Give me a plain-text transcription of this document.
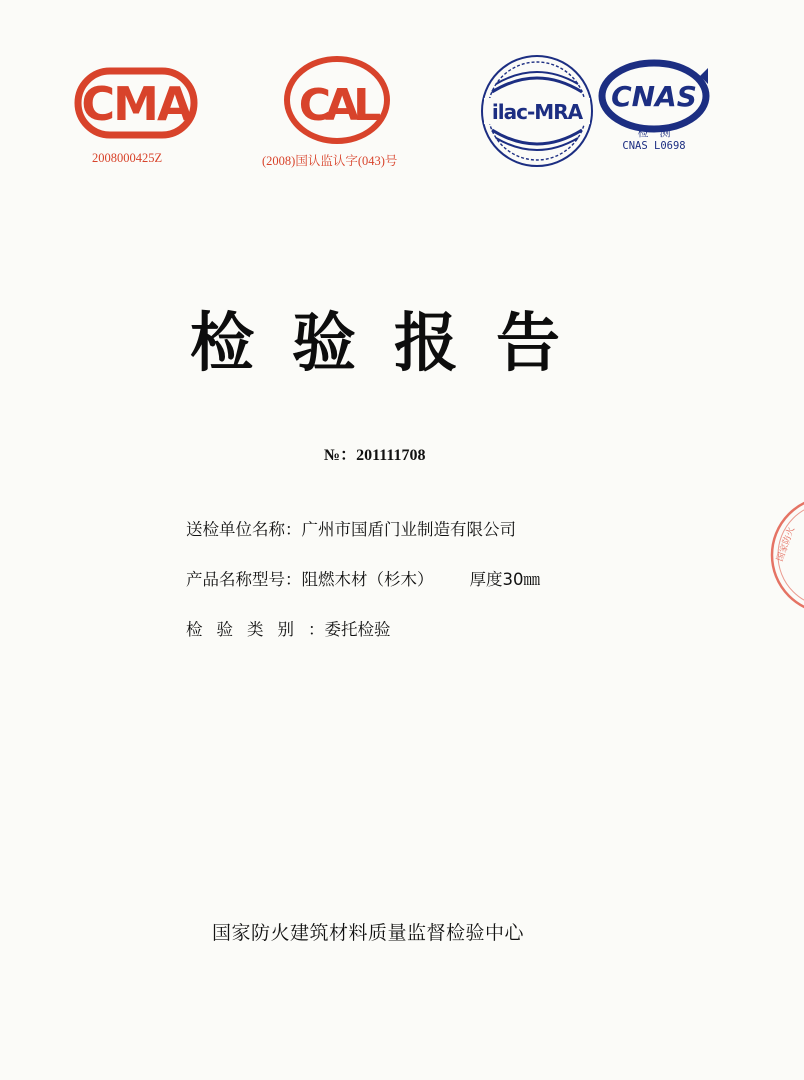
CMA
2008000425Z
CAL
(2008)国认监认字(043)号
ilac-MRA CNAS
检　测
CNAS L0698
检验报告
№：201111708
送检单位名称：广州市国盾门业制造有限公司
产品名称型号：阻燃木材（杉木） 厚度30㎜
检验类别：委托检验
国家防火建筑材料质量监督检验中心
国家防火
